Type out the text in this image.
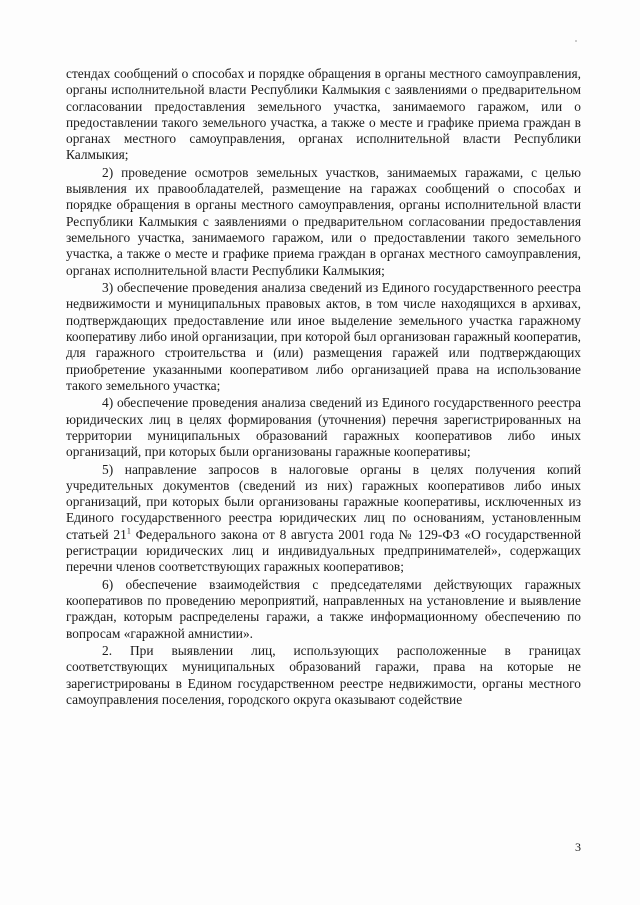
стендах сообщений о способах и порядке обращения в органы местного самоуправления, органы исполнительной власти Республики Калмыкия с заявлениями о предварительном согласовании предоставления земельного участка, занимаемого гаражом, или о предоставлении такого земельного участка, а также о месте и графике приема граждан в органах местного самоуправления, органах исполнительной власти Республики Калмыкия;

2) проведение осмотров земельных участков, занимаемых гаражами, с целью выявления их правообладателей, размещение на гаражах сообщений о способах и порядке обращения в органы местного самоуправления, органы исполнительной власти Республики Калмыкия с заявлениями о предварительном согласовании предоставления земельного участка, занимаемого гаражом, или о предоставлении такого земельного участка, а также о месте и графике приема граждан в органах местного самоуправления, органах исполнительной власти Республики Калмыкия;

3) обеспечение проведения анализа сведений из Единого государственного реестра недвижимости и муниципальных правовых актов, в том числе находящихся в архивах, подтверждающих предоставление или иное выделение земельного участка гаражному кооперативу либо иной организации, при которой был организован гаражный кооператив, для гаражного строительства и (или) размещения гаражей или подтверждающих приобретение указанными кооперативом либо организацией права на использование такого земельного участка;

4) обеспечение проведения анализа сведений из Единого государственного реестра юридических лиц в целях формирования (уточнения) перечня зарегистрированных на территории муниципальных образований гаражных кооперативов либо иных организаций, при которых были организованы гаражные кооперативы;

5) направление запросов в налоговые органы в целях получения копий учредительных документов (сведений из них) гаражных кооперативов либо иных организаций, при которых были организованы гаражные кооперативы, исключенных из Единого государственного реестра юридических лиц по основаниям, установленным статьей $21^1$ Федерального закона от 8 августа 2001 года № 129-ФЗ «О государственной регистрации юридических лиц и индивидуальных предпринимателей», содержащих перечни членов соответствующих гаражных кооперативов;

6) обеспечение взаимодействия с председателями действующих гаражных кооперативов по проведению мероприятий, направленных на установление и выявление граждан, которым распределены гаражи, а также информационному обеспечению по вопросам «гаражной амнистии».

2. При выявлении лиц, использующих расположенные в границах соответствующих муниципальных образований гаражи, права на которые не зарегистрированы в Едином государственном реестре недвижимости, органы местного самоуправления поселения, городского округа оказывают содействие

3
